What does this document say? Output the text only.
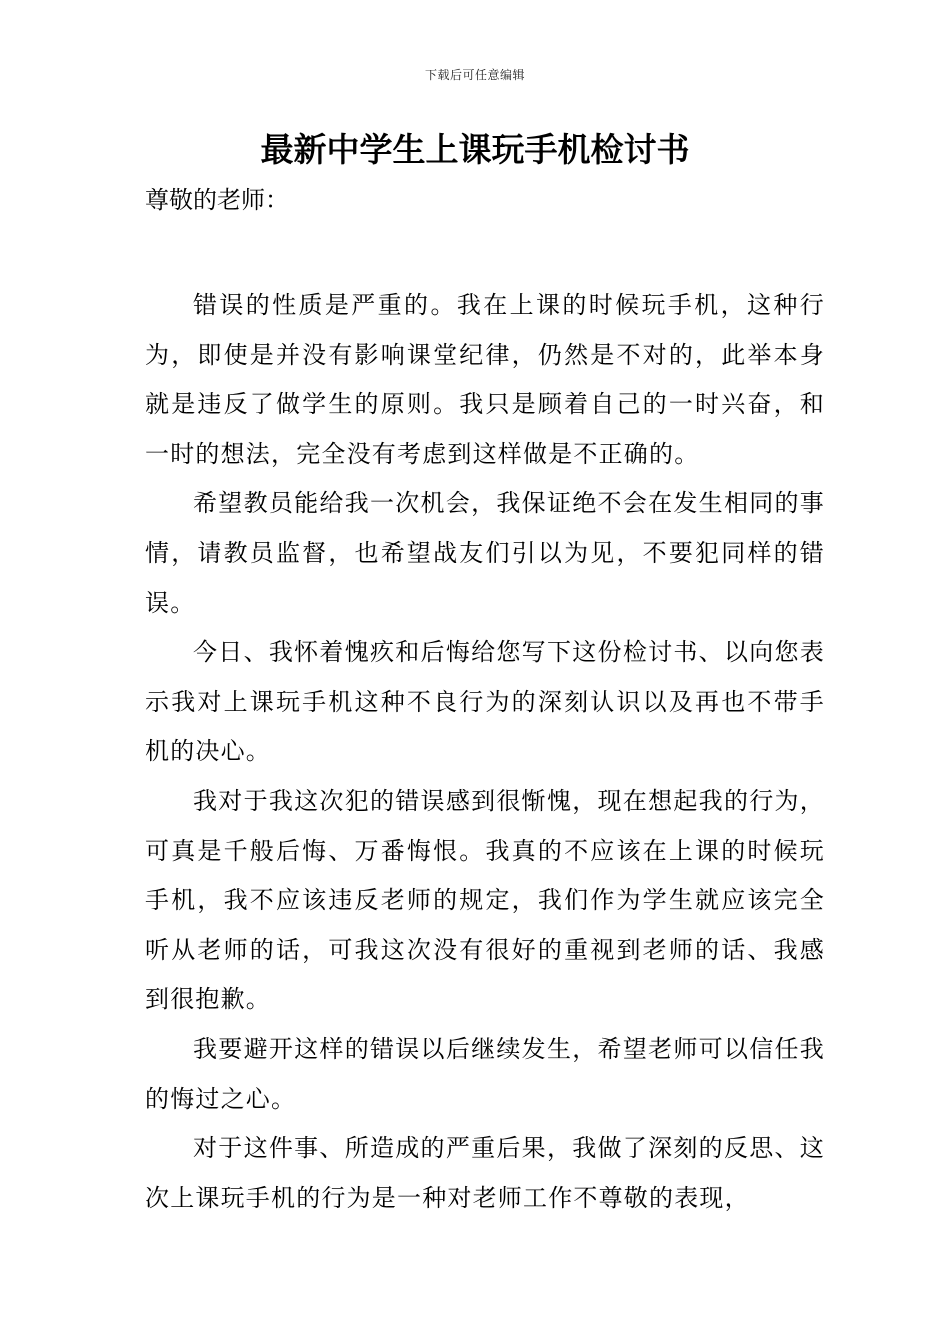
下载后可任意编辑
最新中学生上课玩手机检讨书
尊敬的老师：

错误的性质是严重的。我在上课的时候玩手机，这种行为，即使是并没有影响课堂纪律，仍然是不对的，此举本身就是违反了做学生的原则。我只是顾着自己的一时兴奋，和一时的想法，完全没有考虑到这样做是不正确的。

希望教员能给我一次机会，我保证绝不会在发生相同的事情，请教员监督，也希望战友们引以为见，不要犯同样的错误。

今日、我怀着愧疚和后悔给您写下这份检讨书、以向您表示我对上课玩手机这种不良行为的深刻认识以及再也不带手机的决心。

我对于我这次犯的错误感到很惭愧，现在想起我的行为，可真是千般后悔、万番悔恨。我真的不应该在上课的时候玩手机，我不应该违反老师的规定，我们作为学生就应该完全听从老师的话，可我这次没有很好的重视到老师的话、我感到很抱歉。

我要避开这样的错误以后继续发生，希望老师可以信任我的悔过之心。

对于这件事、所造成的严重后果，我做了深刻的反思、这次上课玩手机的行为是一种对老师工作不尊敬的表现，
